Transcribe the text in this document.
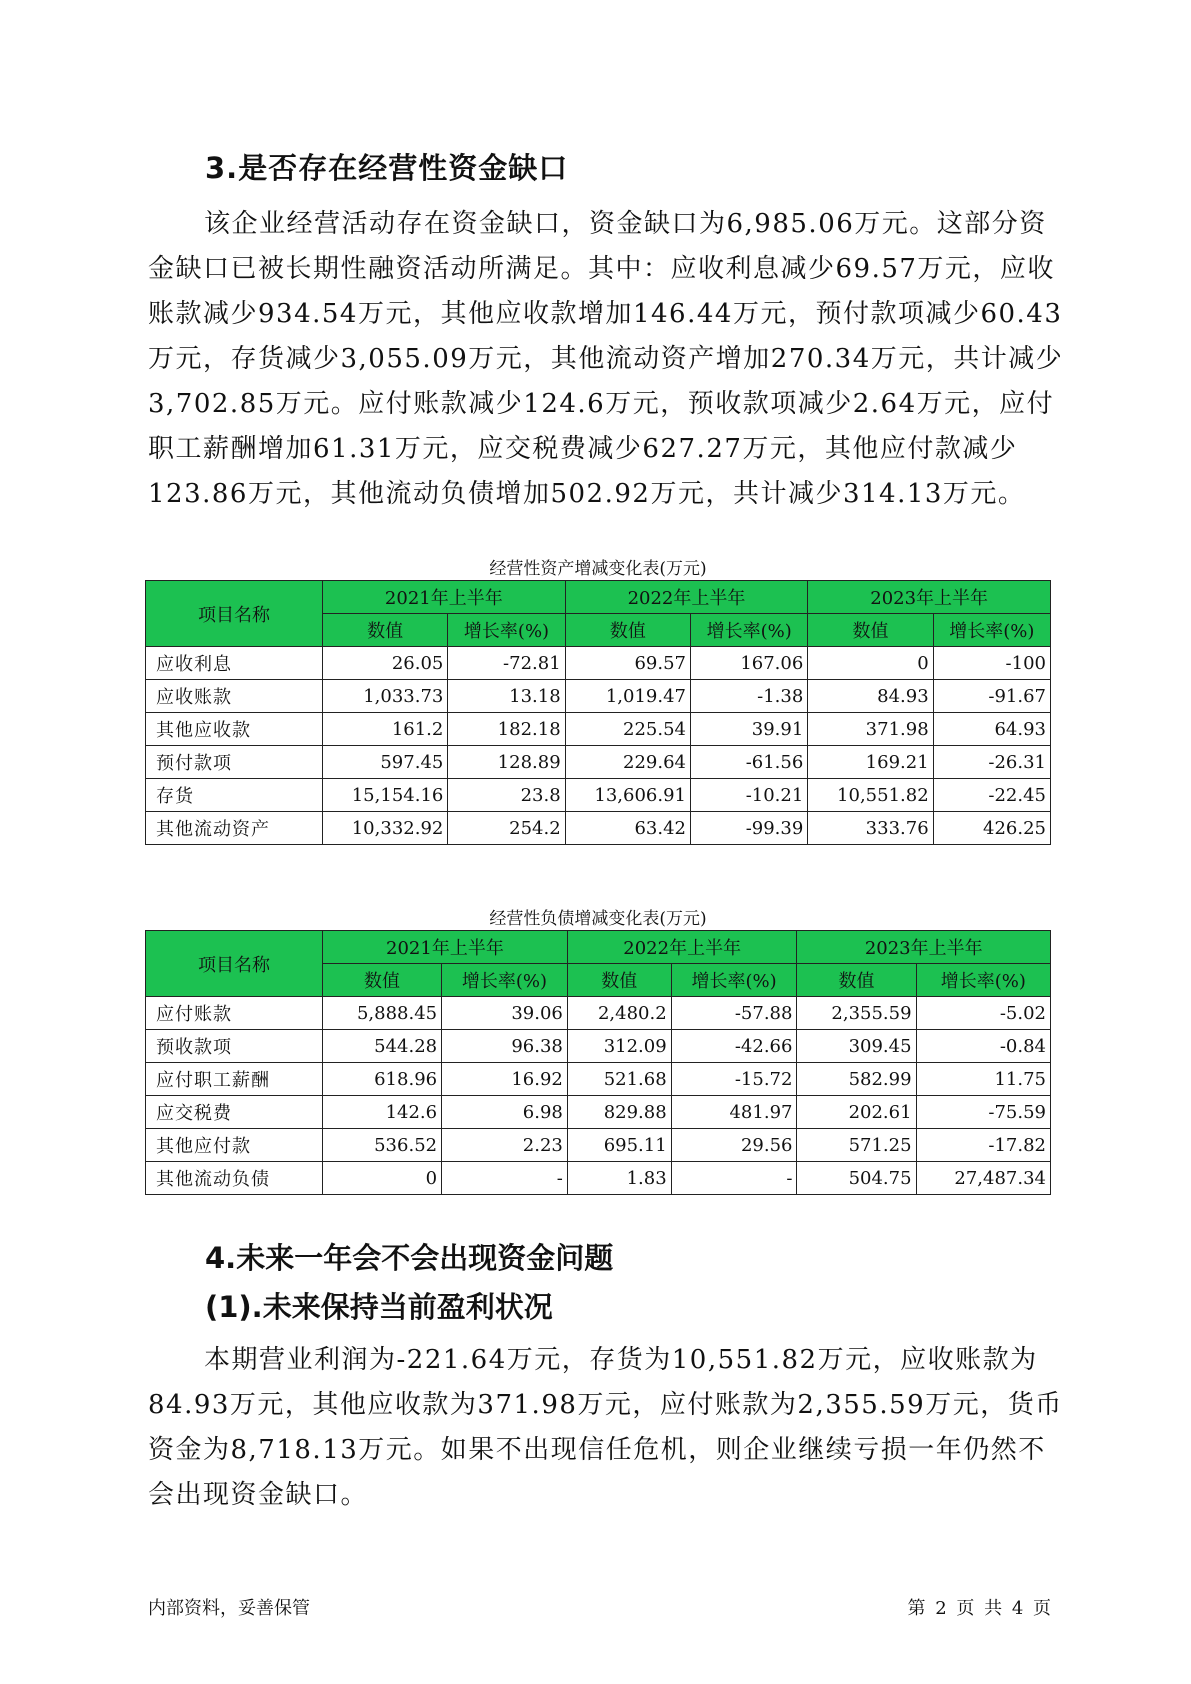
3.是否存在经营性资金缺口

该企业经营活动存在资金缺口，资金缺口为6,985.06万元。这部分资金缺口已被长期性融资活动所满足。其中：应收利息减少69.57万元，应收账款减少934.54万元，其他应收款增加146.44万元，预付款项减少60.43万元，存货减少3,055.09万元，其他流动资产增加270.34万元，共计减少3,702.85万元。应付账款减少124.6万元，预收款项减少2.64万元，应付职工薪酬增加61.31万元，应交税费减少627.27万元，其他应付款减少123.86万元，其他流动负债增加502.92万元，共计减少314.13万元。

经营性资产增减变化表(万元)

项目名称	2021年上半年		2022年上半年		2023年上半年	
	数值	增长率(%)	数值	增长率(%)	数值	增长率(%)
应收利息	26.05	-72.81	69.57	167.06	0	-100
应收账款	1,033.73	13.18	1,019.47	-1.38	84.93	-91.67
其他应收款	161.2	182.18	225.54	39.91	371.98	64.93
预付款项	597.45	128.89	229.64	-61.56	169.21	-26.31
存货	15,154.16	23.8	13,606.91	-10.21	10,551.82	-22.45
其他流动资产	10,332.92	254.2	63.42	-99.39	333.76	426.25

经营性负债增减变化表(万元)

项目名称	2021年上半年		2022年上半年		2023年上半年	
	数值	增长率(%)	数值	增长率(%)	数值	增长率(%)
应付账款	5,888.45	39.06	2,480.2	-57.88	2,355.59	-5.02
预收款项	544.28	96.38	312.09	-42.66	309.45	-0.84
应付职工薪酬	618.96	16.92	521.68	-15.72	582.99	11.75
应交税费	142.6	6.98	829.88	481.97	202.61	-75.59
其他应付款	536.52	2.23	695.11	29.56	571.25	-17.82
其他流动负债	0	-	1.83	-	504.75	27,487.34
4.未来一年会不会出现资金问题
(1).未来保持当前盈利状况

本期营业利润为-221.64万元，存货为10,551.82万元，应收账款为84.93万元，其他应收款为371.98万元，应付账款为2,355.59万元，货币资金为8,718.13万元。如果不出现信任危机，则企业继续亏损一年仍然不会出现资金缺口。

内部资料，妥善保管	第 2 页 共 4 页
